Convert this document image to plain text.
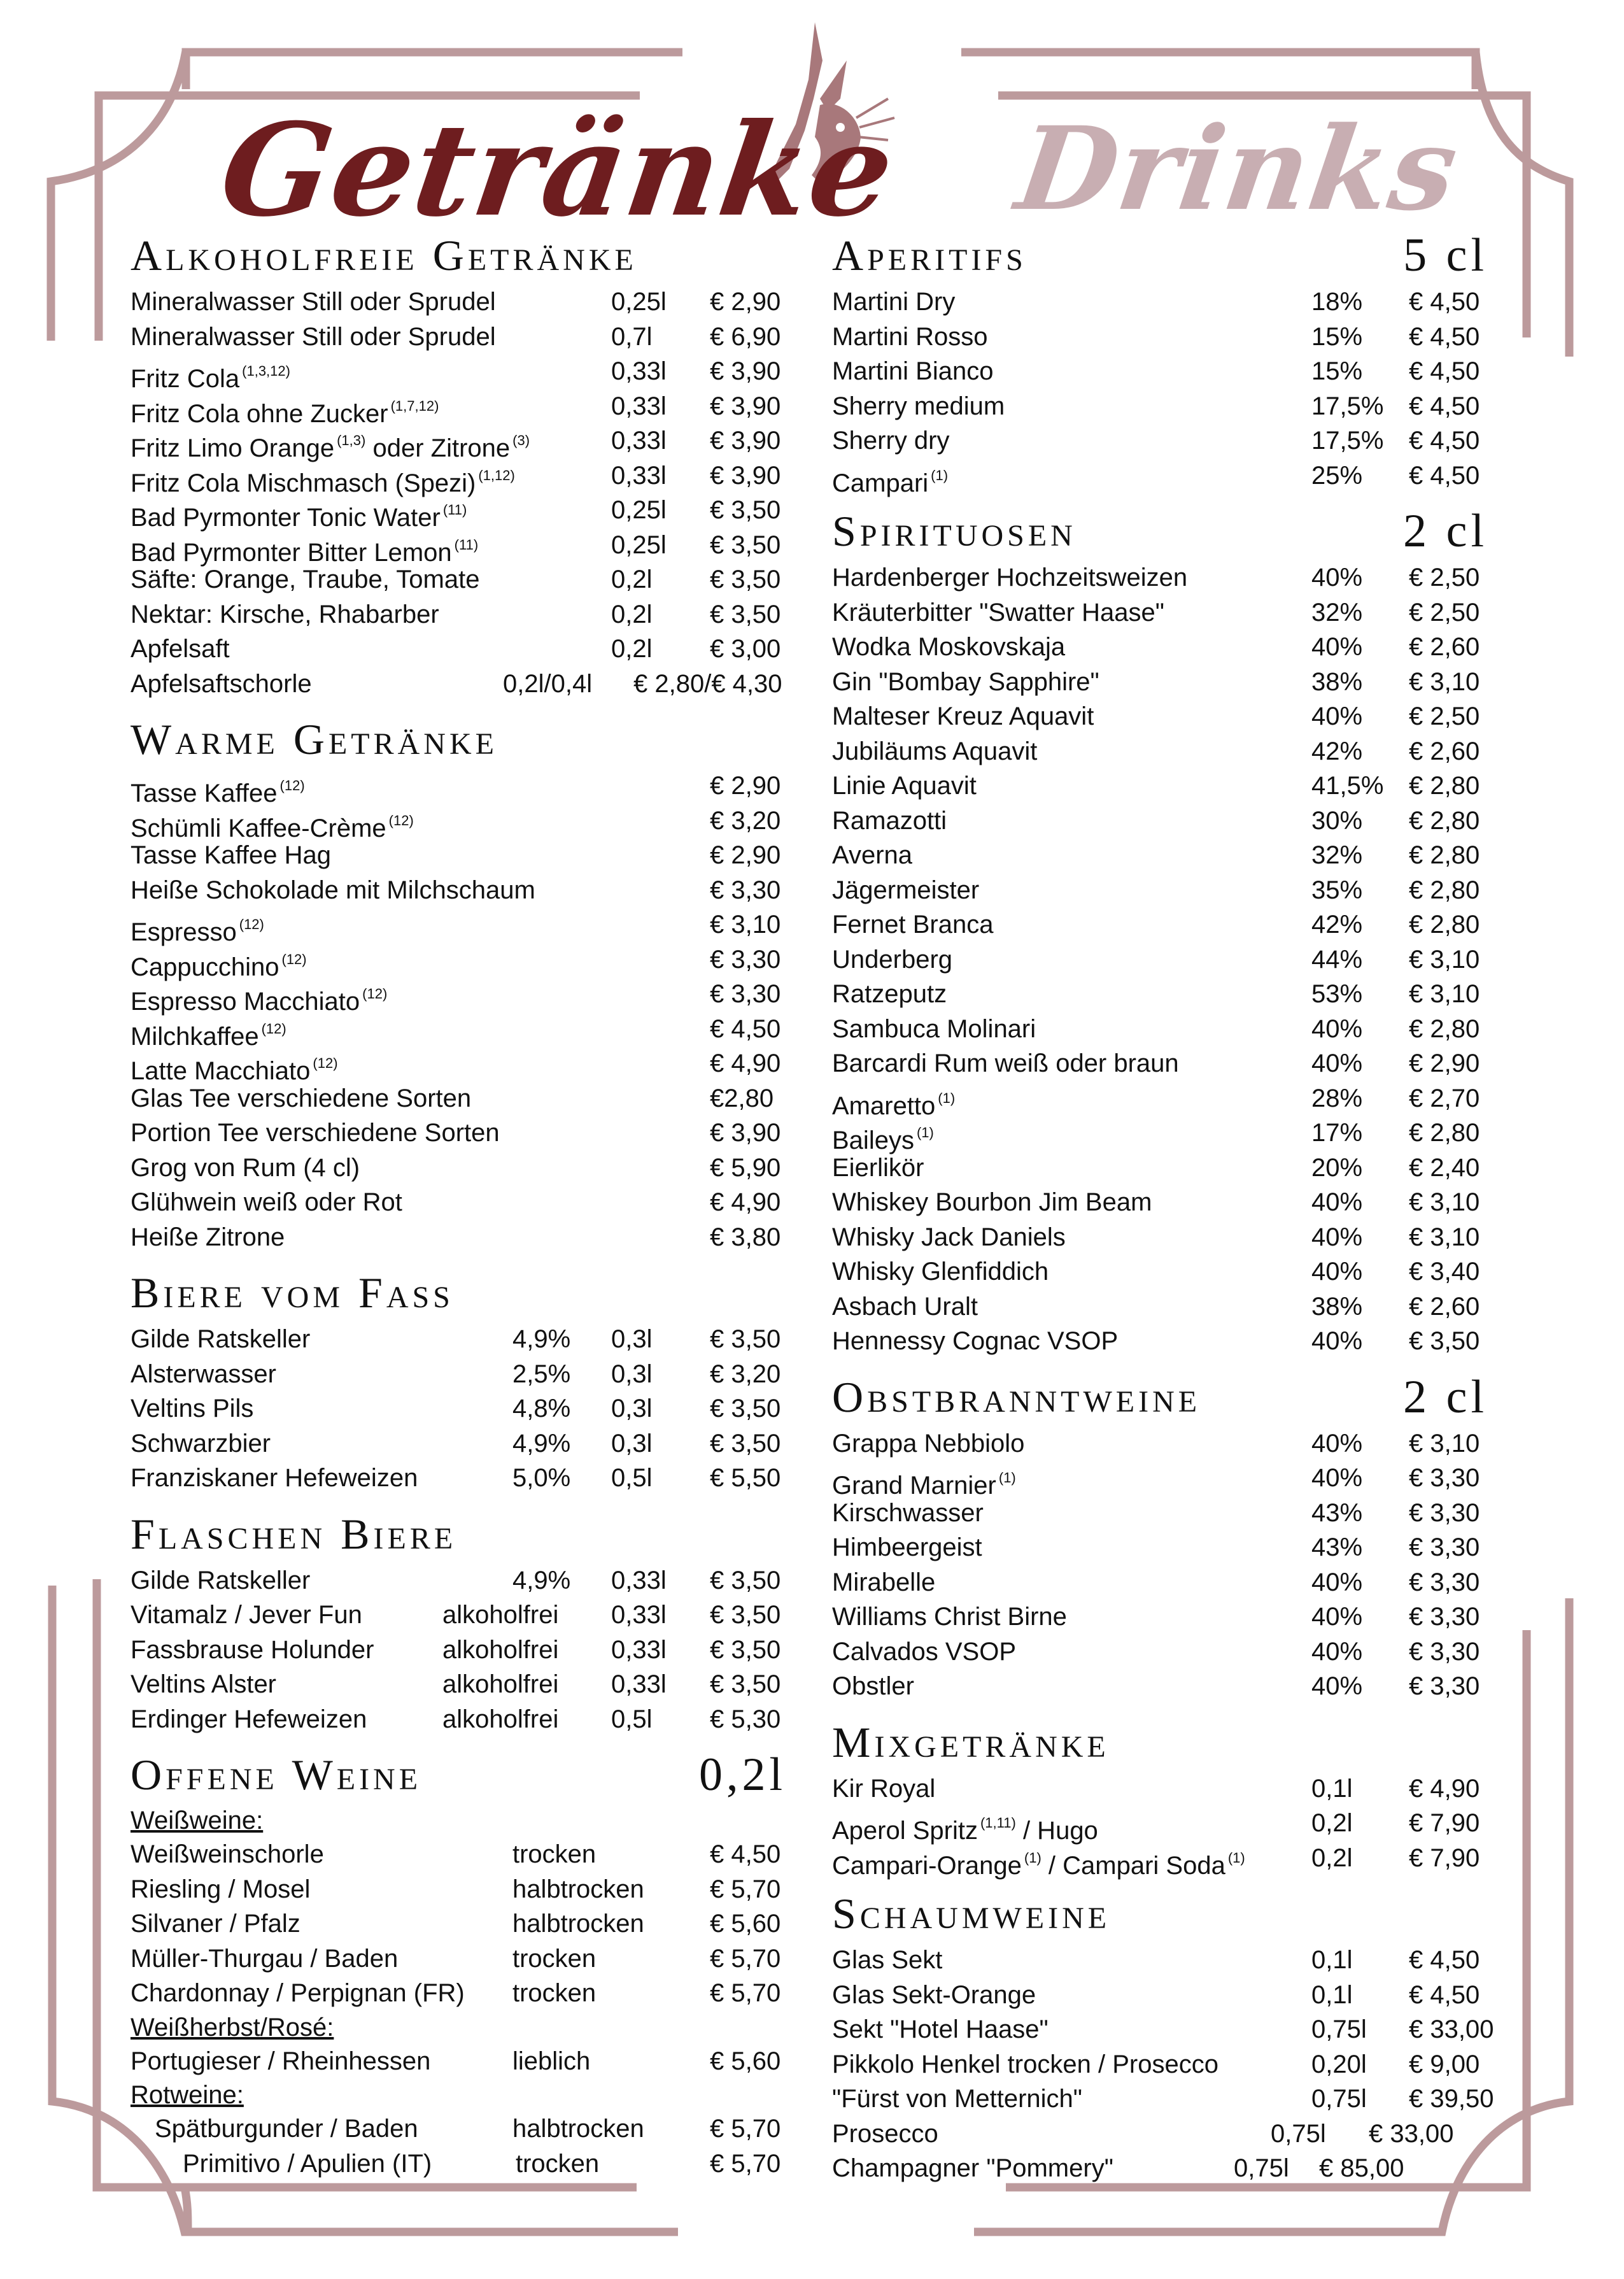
Getränke Drinks
Alkoholfreie Getränke
Mineralwasser Still oder Sprudel	0,25l € 2,90
Mineralwasser Still oder Sprudel	0,7l € 6,90
Fritz Cola $^{(1,3,12)}$	0,33l € 3,90
Fritz Cola ohne Zucker $^{(1,7,12)}$	0,33l € 3,90
Fritz Limo Orange $^{(1,3)}$ oder Zitrone $^{(3)}$	0,33l € 3,90
Fritz Cola Mischmasch (Spezi) $^{(1,12)}$	0,33l € 3,90
Bad Pyrmonter Tonic Water $^{(11)}$	0,25l € 3,50
Bad Pyrmonter Bitter Lemon $^{(11)}$	0,25l € 3,50
Säfte: Orange, Traube, Tomate	0,2l € 3,50
Nektar: Kirsche, Rhabarber	0,2l € 3,50
Apfelsaft	0,2l € 3,00
Apfelsaftschorle	0,2l/0,4l € 2,80/€ 4,30
Warme Getränke
Tasse Kaffee $^{(12)}$	€ 2,90
Schümli Kaffee-Crème $^{(12)}$	€ 3,20
Tasse Kaffee Hag	€ 2,90
Heiße Schokolade mit Milchschaum	€ 3,30
Espresso $^{(12)}$	€ 3,10
Cappucchino $^{(12)}$	€ 3,30
Espresso Macchiato $^{(12)}$	€ 3,30
Milchkaffee $^{(12)}$	€ 4,50
Latte Macchiato $^{(12)}$	€ 4,90
Glas Tee verschiedene Sorten	€2,80
Portion Tee verschiedene Sorten	€ 3,90
Grog von Rum (4 cl)	€ 5,90
Glühwein weiß oder Rot	€ 4,90
Heiße Zitrone	€ 3,80
Biere vom Fass
Gilde Ratskeller	4,9% 0,3l € 3,50
Alsterwasser	2,5% 0,3l € 3,20
Veltins Pils	4,8% 0,3l € 3,50
Schwarzbier	4,9% 0,3l € 3,50
Franziskaner Hefeweizen	5,0% 0,5l € 5,50
Flaschen Biere
Gilde Ratskeller	4,9% 0,33l € 3,50
Vitamalz / Jever Fun	alkoholfrei 0,33l € 3,50
Fassbrause Holunder	alkoholfrei 0,33l € 3,50
Veltins Alster	alkoholfrei 0,33l € 3,50
Erdinger Hefeweizen	alkoholfrei 0,5l € 5,30
Offene Weine	0,2l
Weißweine:
Weißweinschorle	trocken	€ 4,50
Riesling / Mosel	halbtrocken	€ 5,70
Silvaner / Pfalz	halbtrocken	€ 5,60
Müller-Thurgau / Baden	trocken	€ 5,70
Chardonnay / Perpignan (FR) trocken	€ 5,70
Weißherbst/Rosé:
Portugieser / Rheinhessen	lieblich	€ 5,60
Rotweine:
Spätburgunder / Baden	halbtrocken	€ 5,70
Primitivo / Apulien (IT)	trocken	€ 5,70
Aperitifs	5 cl
Martini Dry	18% € 4,50
Martini Rosso	15% € 4,50
Martini Bianco	15% € 4,50
Sherry medium	17,5% € 4,50
Sherry dry	17,5% € 4,50
Campari $^{(1)}$	25% € 4,50
Spirituosen	2 cl
Hardenberger Hochzeitsweizen	40% € 2,50
Kräuterbitter "Swatter Haase"	32% € 2,50
Wodka Moskovskaja	40% € 2,60
Gin "Bombay Sapphire"	38% € 3,10
Malteser Kreuz Aquavit	40% € 2,50
Jubiläums Aquavit	42% € 2,60
Linie Aquavit	41,5% € 2,80
Ramazotti	30% € 2,80
Averna	32% € 2,80
Jägermeister	35% € 2,80
Fernet Branca	42% € 2,80
Underberg	44% € 3,10
Ratzeputz	53% € 3,10
Sambuca Molinari	40% € 2,80
Barcardi Rum weiß oder braun	40% € 2,90
Amaretto $^{(1)}$	28% € 2,70
Baileys $^{(1)}$	17% € 2,80
Eierlikör	20% € 2,40
Whiskey Bourbon Jim Beam	40% € 3,10
Whisky Jack Daniels	40% € 3,10
Whisky Glenfiddich	40% € 3,40
Asbach Uralt	38% € 2,60
Hennessy Cognac VSOP	40% € 3,50
Obstbranntweine	2 cl
Grappa Nebbiolo	40% € 3,10
Grand Marnier $^{(1)}$	40% € 3,30
Kirschwasser	43% € 3,30
Himbeergeist	43% € 3,30
Mirabelle	40% € 3,30
Williams Christ Birne	40% € 3,30
Calvados VSOP	40% € 3,30
Obstler	40% € 3,30
Mixgetränke
Kir Royal	0,1l € 4,90
Aperol Spritz $^{(1,11)}$ / Hugo	0,2l € 7,90
Campari-Orange $^{(1)}$ / Campari Soda $^{(1)}$	0,2l € 7,90
Schaumweine
Glas Sekt	0,1l € 4,50
Glas Sekt-Orange	0,1l € 4,50
Sekt "Hotel Haase"	0,75l € 33,00
Pikkolo Henkel trocken / Prosecco	0,20l € 9,00
"Fürst von Metternich"	0,75l € 39,50
Prosecco	0,75l € 33,00
Champagner "Pommery"	0,75l € 85,00
